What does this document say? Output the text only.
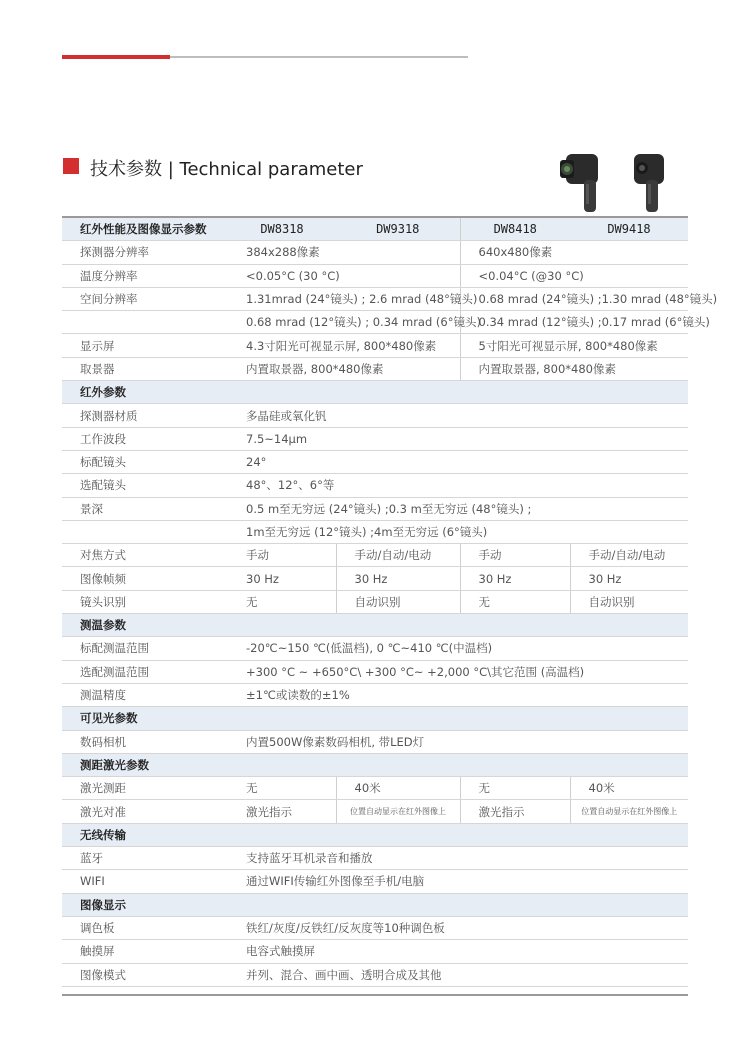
技术参数 | Technical parameter
红外性能及图像显示参数	DW8318	DW9318	DW8418	DW9418
探测器分辨率	384x288像素		640x480像素	
温度分辨率	<0.05°C (30 °C)		<0.04°C (@30 °C)	
空间分辨率	1.31mrad (24°镜头) ; 2.6 mrad (48°镜头)		0.68 mrad (24°镜头) ;1.30 mrad (48°镜头)	
	0.68 mrad (12°镜头) ; 0.34 mrad (6°镜头)		0.34 mrad (12°镜头) ;0.17 mrad (6°镜头)	
显示屏	4.3寸阳光可视显示屏, 800*480像素		5寸阳光可视显示屏, 800*480像素	
取景器	内置取景器, 800*480像素		内置取景器, 800*480像素	
红外参数				
探测器材质	多晶硅或氧化钒			
工作波段	7.5~14μm			
标配镜头	24°			
选配镜头	48°、12°、6°等			
景深	0.5 m至无穷远 (24°镜头) ;0.3 m至无穷远 (48°镜头) ;			
	1m至无穷远 (12°镜头) ;4m至无穷远 (6°镜头)			
对焦方式	手动	手动/自动/电动	手动	手动/自动/电动
图像帧频	30 Hz	30 Hz	30 Hz	30 Hz
镜头识别	无	自动识别	无	自动识别
测温参数				
标配测温范围	-20℃~150 ℃(低温档), 0 ℃~410 ℃(中温档)			
选配测温范围	+300 °C ~ +650°C\ +300 °C~ +2,000 °C\其它范围 (高温档)			
测温精度	±1℃或读数的±1%			
可见光参数				
数码相机	内置500W像素数码相机, 带LED灯			
测距激光参数				
激光测距	无	40米	无	40米
激光对准	激光指示	位置自动显示在红外图像上	激光指示	位置自动显示在红外图像上
无线传输				
蓝牙	支持蓝牙耳机录音和播放			
WIFI	通过WIFI传输红外图像至手机/电脑			
图像显示				
调色板	铁红/灰度/反铁红/反灰度等10种调色板			
触摸屏	电容式触摸屏			
图像模式	并列、混合、画中画、透明合成及其他			
